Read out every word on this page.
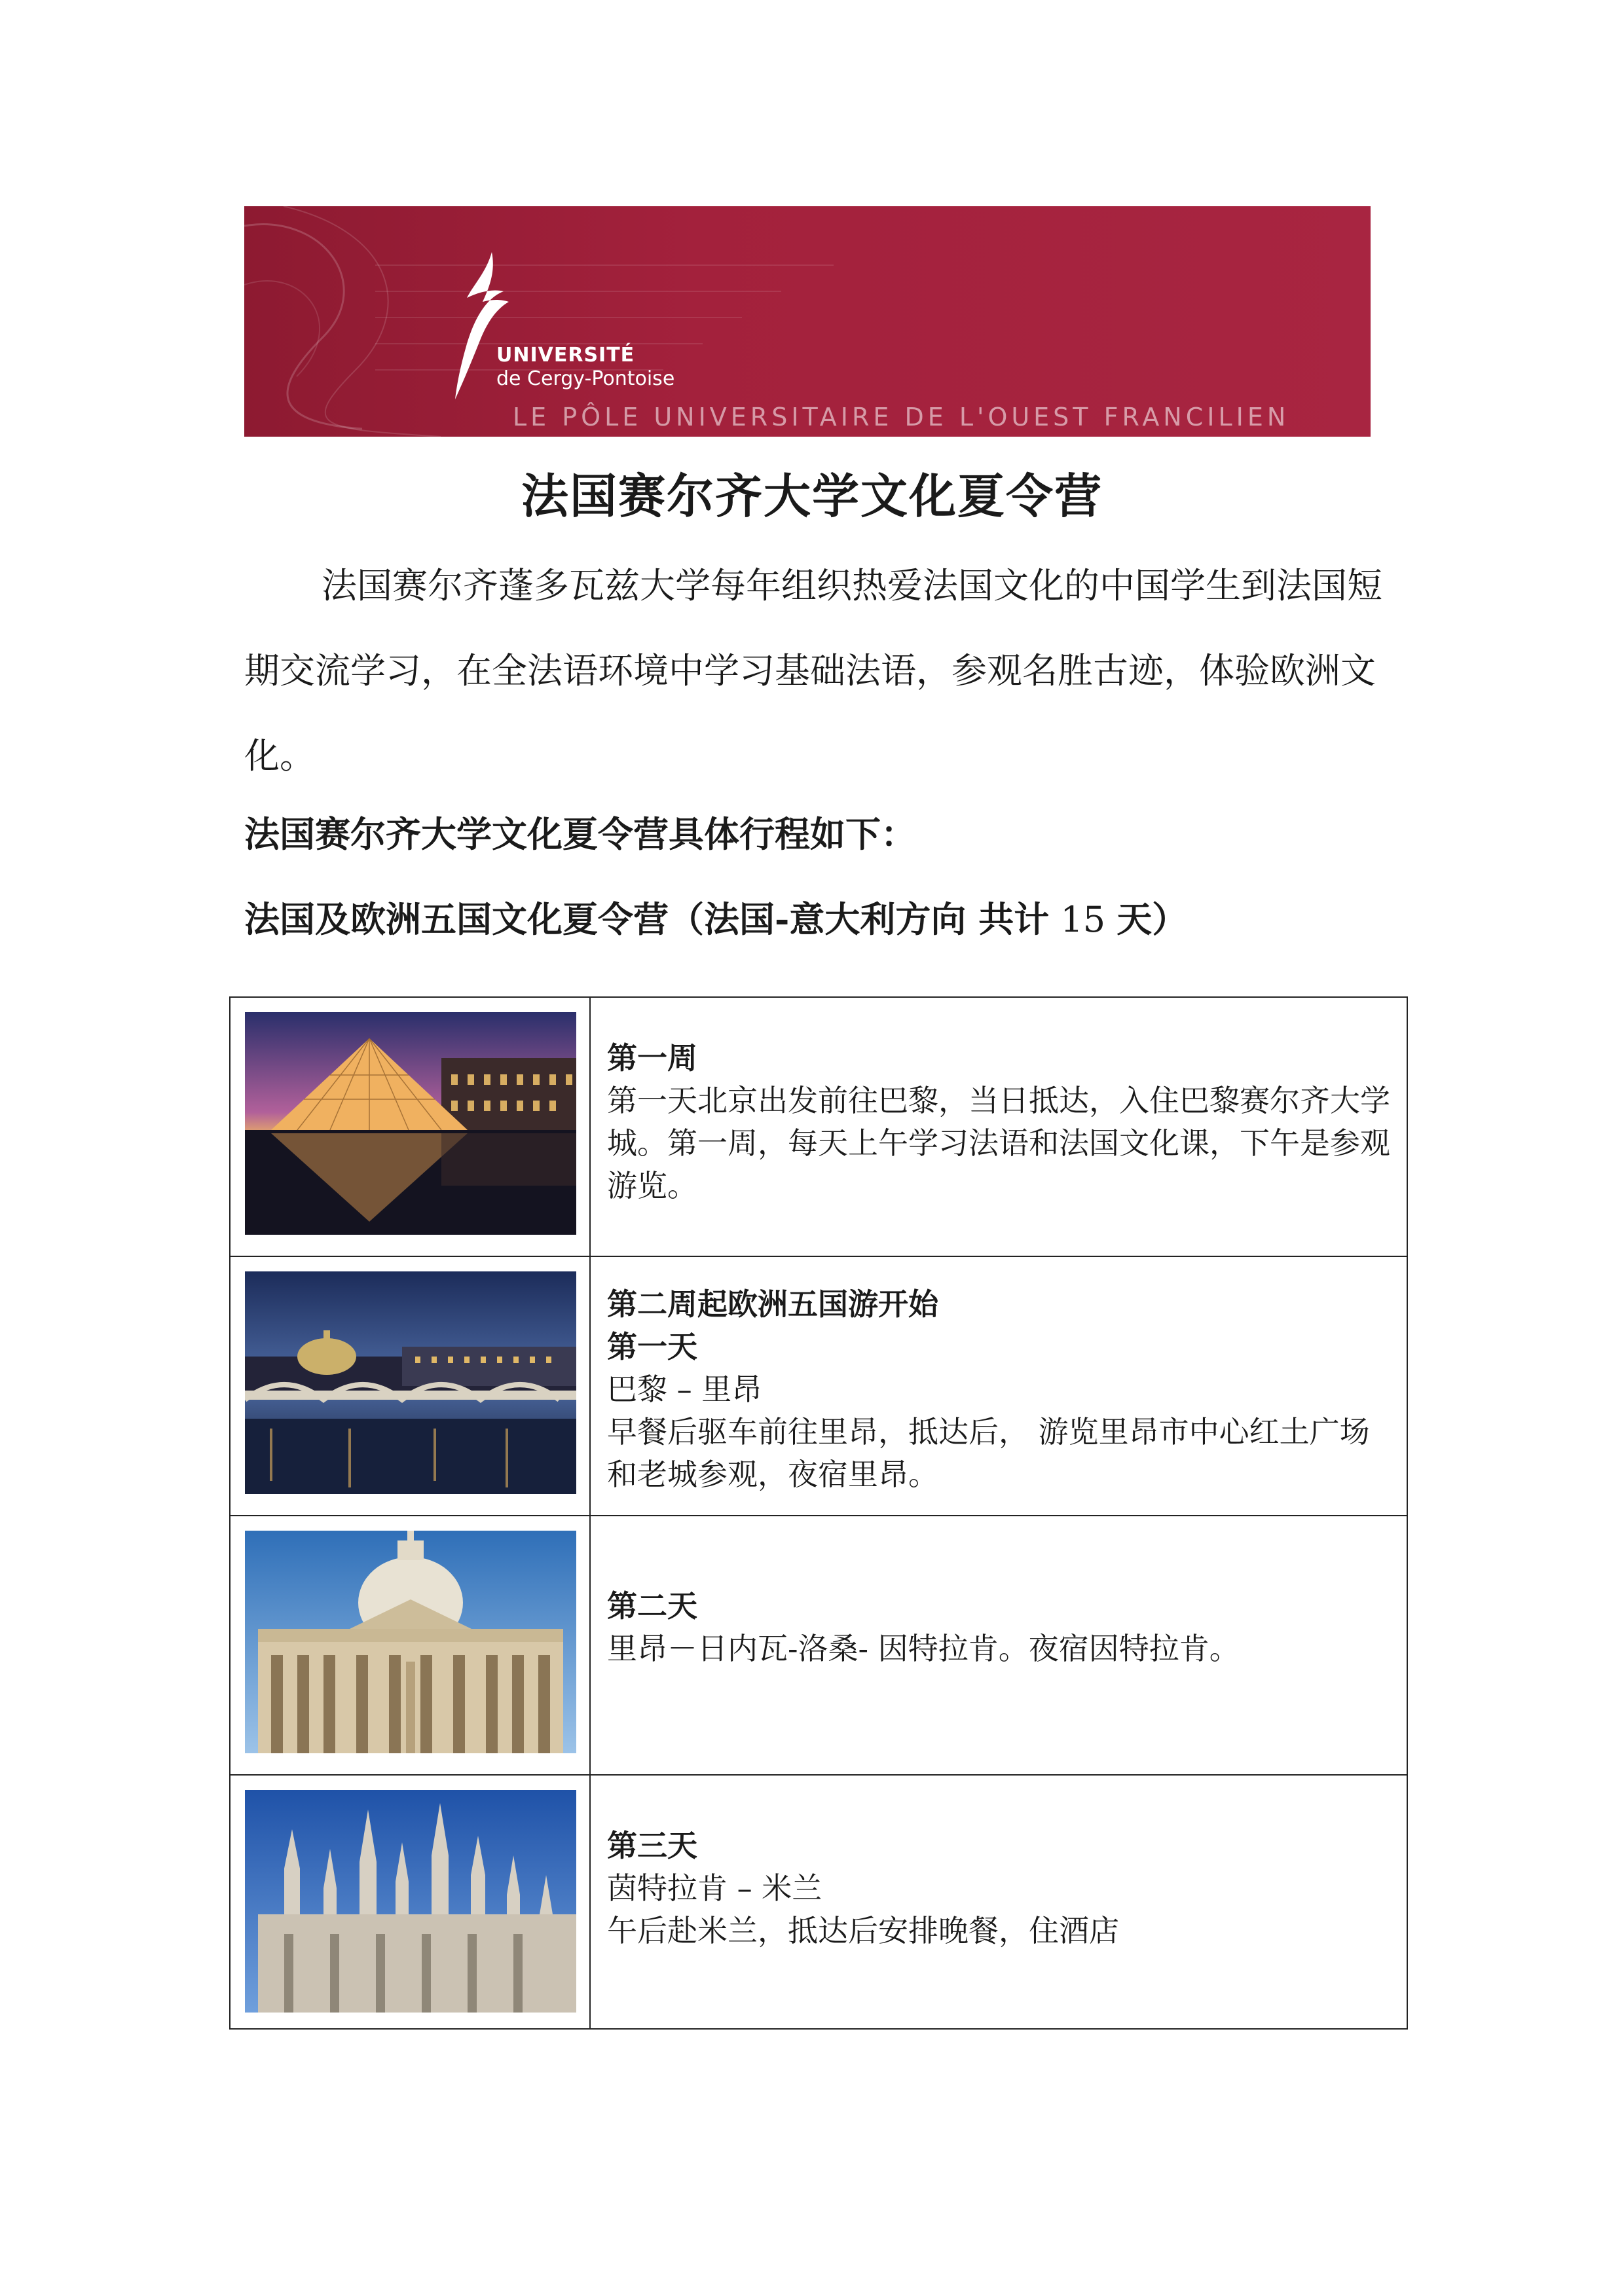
UNIVERSITÉ
de Cergy-Pontoise
LE PÔLE UNIVERSITAIRE DE L'OUEST FRANCILIEN
法国赛尔齐大学文化夏令营
法国赛尔齐蓬多瓦兹大学每年组织热爱法国文化的中国学生到法国短期交流学习，在全法语环境中学习基础法语，参观名胜古迹，体验欧洲文化。
法国赛尔齐大学文化夏令营具体行程如下：
法国及欧洲五国文化夏令营（法国-意大利方向 共计 15 天）
第一周
第一天北京出发前往巴黎，当日抵达，入住巴黎赛尔齐大学城。第一周，每天上午学习法语和法国文化课，下午是参观游览。
第二周起欧洲五国游开始
第一天
巴黎 – 里昂
早餐后驱车前往里昂，抵达后， 游览里昂市中心红土广场和老城参观，夜宿里昂。
第二天
里昂－日内瓦-洛桑- 因特拉肯。夜宿因特拉肯。
第三天
茵特拉肯 – 米兰
午后赴米兰，抵达后安排晚餐，住酒店
